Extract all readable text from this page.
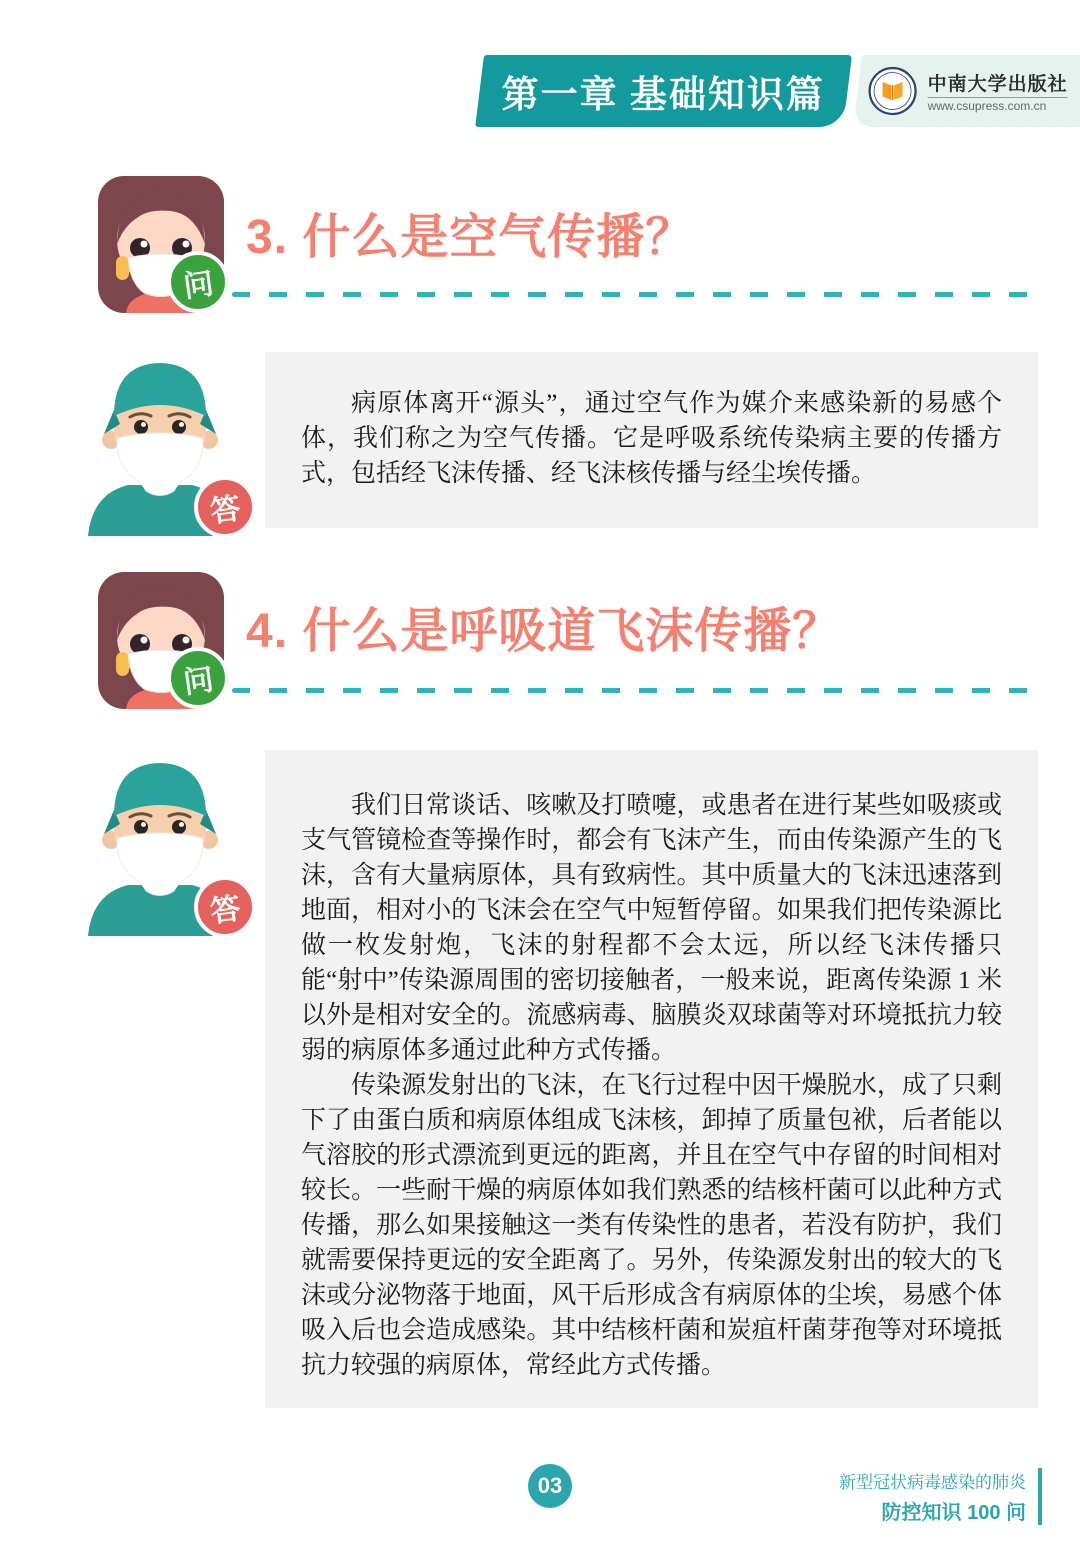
第一章 基础知识篇	中南大学出版社
www.csupress.com.cn
问
3. 什么是空气传播？

病原体离开“源头”，通过空气作为媒介来感染新的易感个体，我们称之为空气传播。它是呼吸系统传染病主要的传播方式，包括经飞沫传播、经飞沫核传播与经尘埃传播。

答
问
4. 什么是呼吸道飞沫传播？

我们日常谈话、咳嗽及打喷嚏，或患者在进行某些如吸痰或支气管镜检查等操作时，都会有飞沫产生，而由传染源产生的飞沫，含有大量病原体，具有致病性。其中质量大的飞沫迅速落到地面，相对小的飞沫会在空气中短暂停留。如果我们把传染源比做一枚发射炮，飞沫的射程都不会太远，所以经飞沫传播只能“射中”传染源周围的密切接触者，一般来说，距离传染源 1 米以外是相对安全的。流感病毒、脑膜炎双球菌等对环境抵抗力较弱的病原体多通过此种方式传播。

传染源发射出的飞沫，在飞行过程中因干燥脱水，成了只剩下了由蛋白质和病原体组成飞沫核，卸掉了质量包袱，后者能以气溶胶的形式漂流到更远的距离，并且在空气中存留的时间相对较长。一些耐干燥的病原体如我们熟悉的结核杆菌可以此种方式传播，那么如果接触这一类有传染性的患者，若没有防护，我们就需要保持更远的安全距离了。另外，传染源发射出的较大的飞沫或分泌物落于地面，风干后形成含有病原体的尘埃，易感个体吸入后也会造成感染。其中结核杆菌和炭疽杆菌芽孢等对环境抵抗力较强的病原体，常经此方式传播。

答
03	新型冠状病毒感染的肺炎
防控知识 100 问
